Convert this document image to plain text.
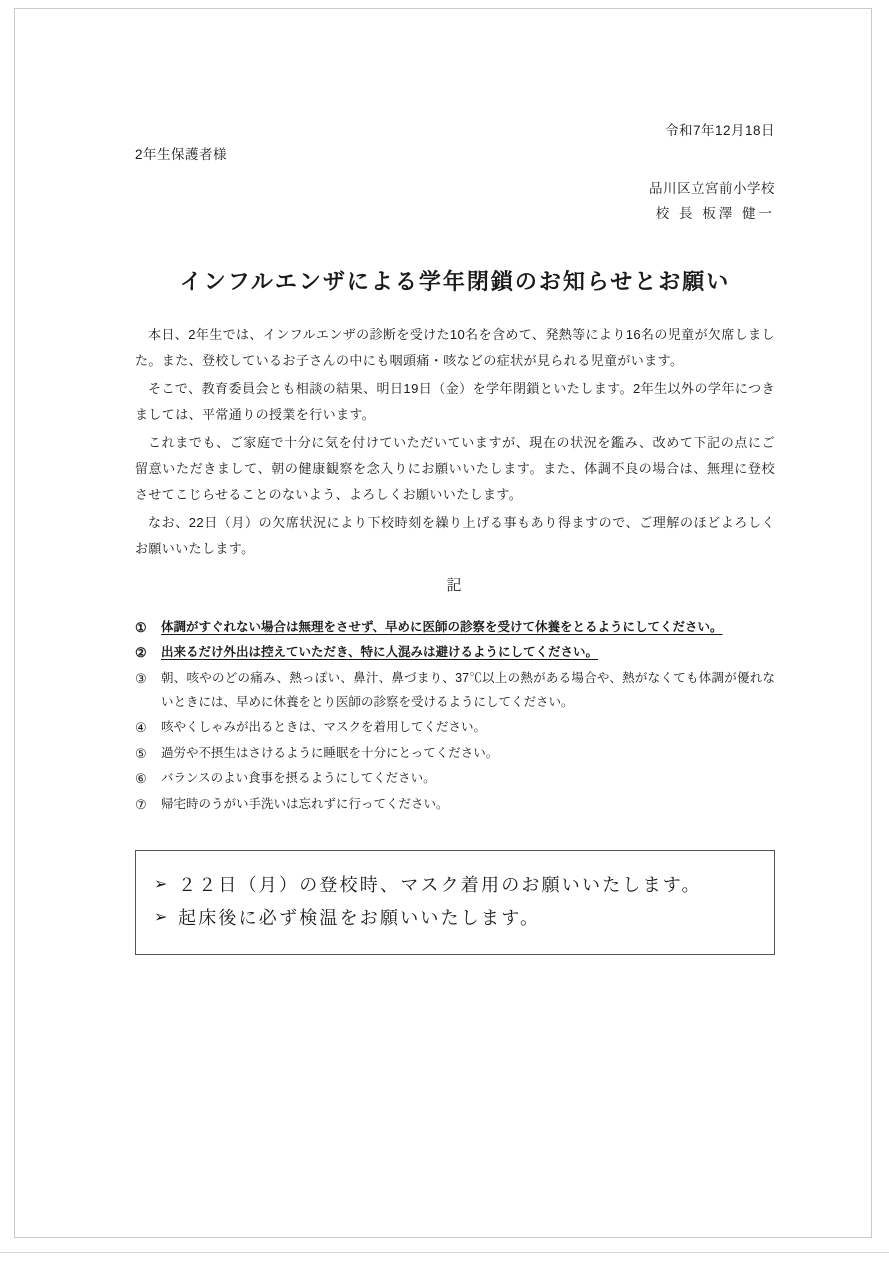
令和7年12月18日
2年生保護者様
品川区立宮前小学校
校 長 板澤 健一
インフルエンザによる学年閉鎖のお知らせとお願い

本日、2年生では、インフルエンザの診断を受けた10名を含めて、発熱等により16名の児童が欠席しました。また、登校しているお子さんの中にも咽頭痛・咳などの症状が見られる児童がいます。

そこで、教育委員会とも相談の結果、明日19日（金）を学年閉鎖といたします。2年生以外の学年につきましては、平常通りの授業を行います。

これまでも、ご家庭で十分に気を付けていただいていますが、現在の状況を鑑み、改めて下記の点にご留意いただきまして、朝の健康観察を念入りにお願いいたします。また、体調不良の場合は、無理に登校させてこじらせることのないよう、よろしくお願いいたします。

なお、22日（月）の欠席状況により下校時刻を繰り上げる事もあり得ますので、ご理解のほどよろしくお願いいたします。

記
① 体調がすぐれない場合は無理をさせず、早めに医師の診察を受けて休養をとるようにしてください。
② 出来るだけ外出は控えていただき、特に人混みは避けるようにしてください。
③ 朝、咳やのどの痛み、熱っぽい、鼻汁、鼻づまり、37℃以上の熱がある場合や、熱がなくても体調が優れないときには、早めに休養をとり医師の診察を受けるようにしてください。
④ 咳やくしゃみが出るときは、マスクを着用してください。
⑤ 過労や不摂生はさけるように睡眠を十分にとってください。
⑥ バランスのよい食事を摂るようにしてください。
⑦ 帰宅時のうがい手洗いは忘れずに行ってください。
➢ ２２日（月）の登校時、マスク着用のお願いいたします。
➢ 起床後に必ず検温をお願いいたします。
